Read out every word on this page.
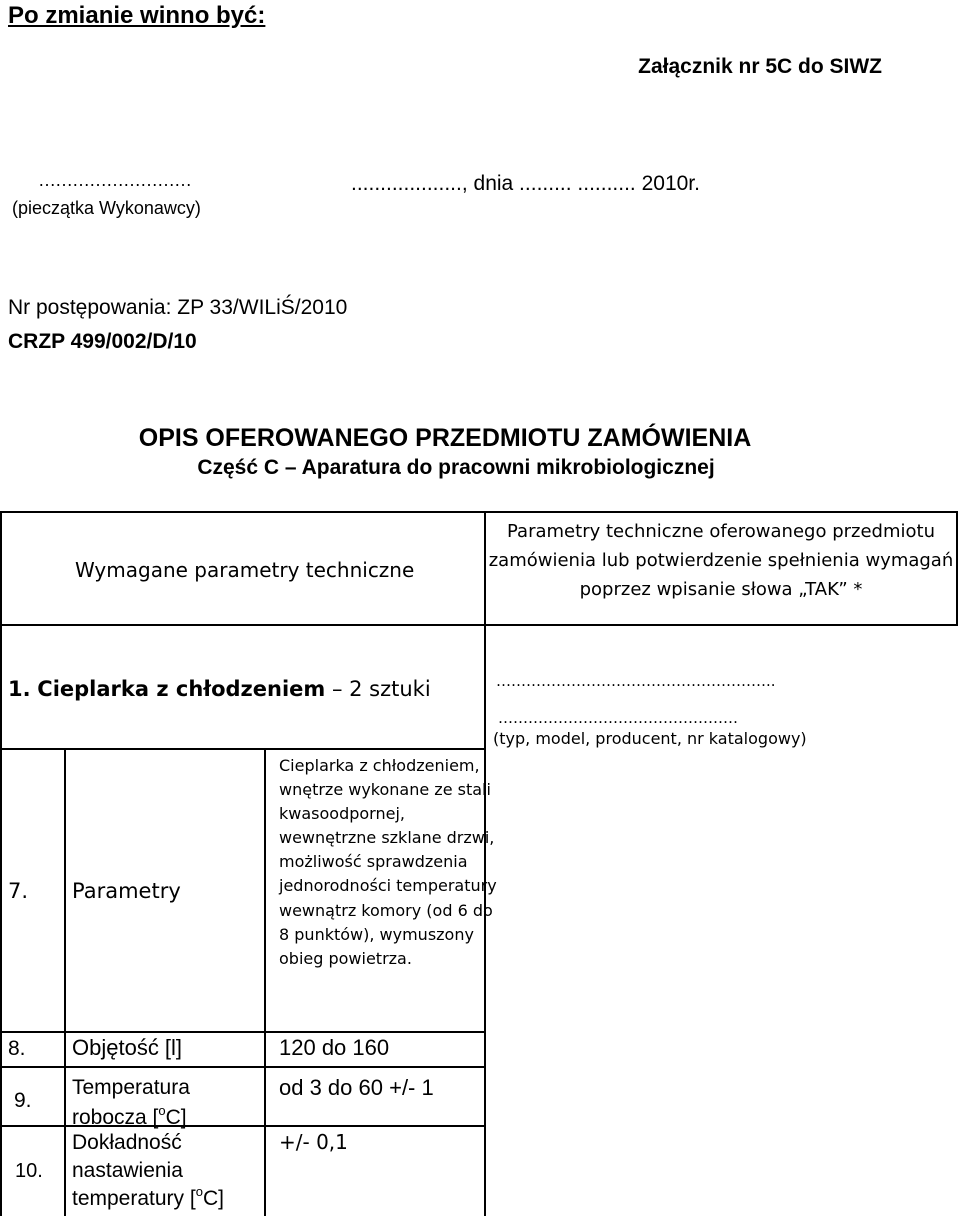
Po zmianie winno być:
Załącznik nr 5C do SIWZ
………………………
(pieczątka Wykonawcy)
..................., dnia ......... .......... 2010r.
Nr postępowania: ZP 33/WILiŚ/2010
CRZP 499/002/D/10
OPIS OFEROWANEGO PRZEDMIOTU ZAMÓWIENIA
Część C – Aparatura do pracowni mikrobiologicznej
Wymagane parametry techniczne
Parametry techniczne oferowanego przedmiotu zamówienia lub potwierdzenie spełnienia wymagań poprzez wpisanie słowa „TAK” *
1. Cieplarka z chłodzeniem – 2 sztuki	………………………………………………..
…………………………………………
(typ, model, producent, nr katalogowy)
7. Parametry
Cieplarka z chłodzeniem, wnętrze wykonane ze stali kwasoodpornej, wewnętrzne szklane drzwi, możliwość sprawdzenia jednorodności temperatury wewnątrz komory (od 6 do 8 punktów), wymuszony obieg powietrza.
8. Objętość [l]	120 do 160
9.
Temperatura
robocza [$^o$C]
od 3 do 60 +/- 1
10.
Dokładność
nastawienia
temperatury [$^o$C]
+/- 0,1
